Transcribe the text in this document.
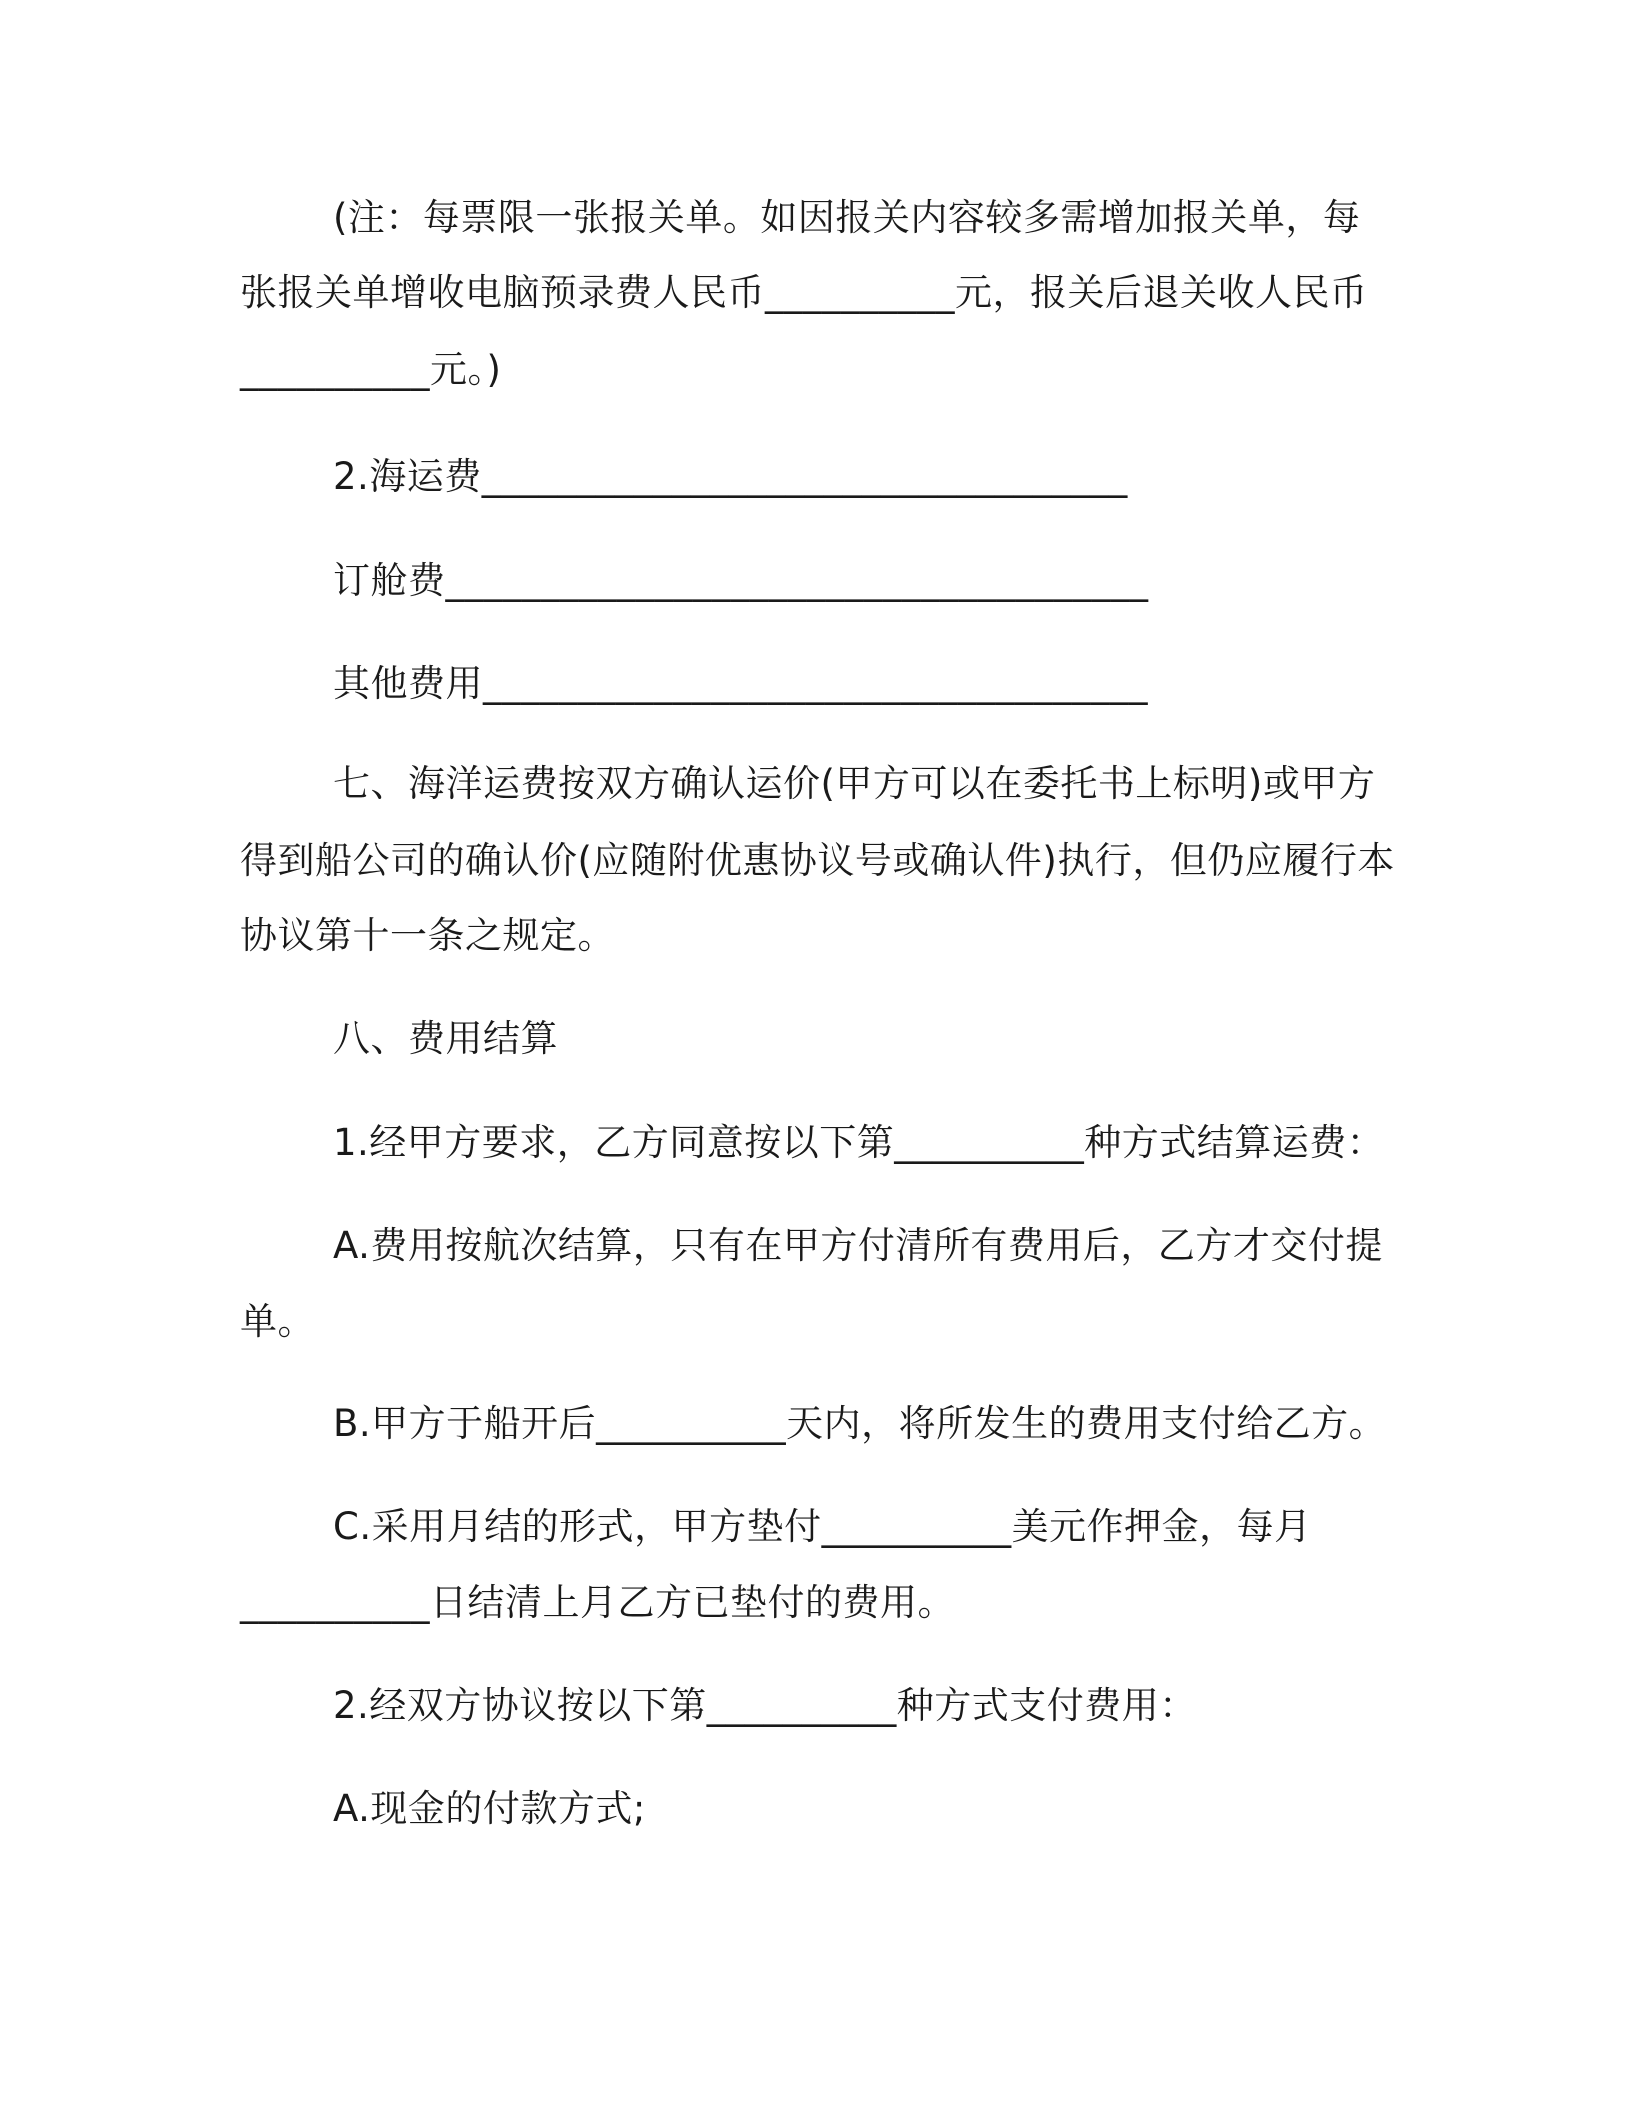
(注：每票限一张报关单。如因报关内容较多需增加报关单，每
张报关单增收电脑预录费人民币__________元，报关后退关收人民币
__________元。)
2.海运费__________________________________
订舱费_____________________________________
其他费用___________________________________
七、海洋运费按双方确认运价(甲方可以在委托书上标明)或甲方
得到船公司的确认价(应随附优惠协议号或确认件)执行，但仍应履行本
协议第十一条之规定。
八、费用结算
1.经甲方要求，乙方同意按以下第__________种方式结算运费：
A.费用按航次结算，只有在甲方付清所有费用后，乙方才交付提
单。
B.甲方于船开后__________天内，将所发生的费用支付给乙方。
C.采用月结的形式，甲方垫付__________美元作押金，每月
__________日结清上月乙方已垫付的费用。
2.经双方协议按以下第__________种方式支付费用：
A.现金的付款方式;
